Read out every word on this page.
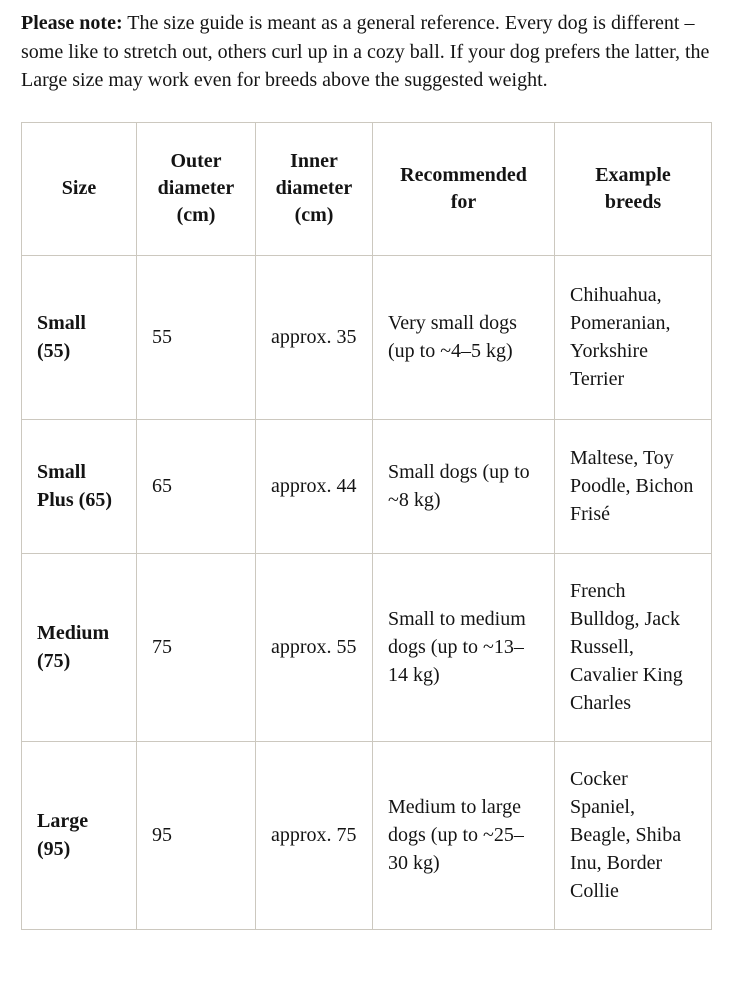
Please note: The size guide is meant as a general reference. Every dog is different – some like to stretch out, others curl up in a cozy ball. If your dog prefers the latter, the Large size may work even for breeds above the suggested weight.

Size	Outer diameter (cm)	Inner diameter (cm)	Recommended for	Example breeds
Small (55)	55	approx. 35	Very small dogs (up to ~4–5 kg)	Chihuahua, Pomeranian, Yorkshire Terrier
Small Plus (65)	65	approx. 44	Small dogs (up to ~8 kg)	Maltese, Toy Poodle, Bichon Frisé
Medium (75)	75	approx. 55	Small to medium dogs (up to ~13–14 kg)	French Bulldog, Jack Russell, Cavalier King Charles
Large (95)	95	approx. 75	Medium to large dogs (up to ~25–30 kg)	Cocker Spaniel, Beagle, Shiba Inu, Border Collie
